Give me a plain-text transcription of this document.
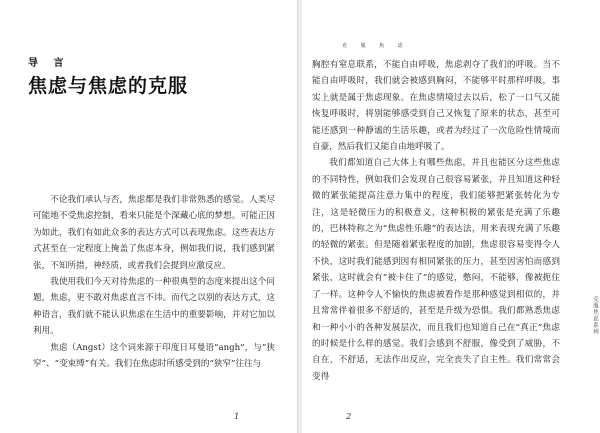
导 言
焦虑与焦虑的克服

不论我们承认与否，焦虑都是我们非常熟悉的感觉。人类尽可能地不受焦虑控制，看来只能是个深藏心底的梦想。可能正因为如此，我们有如此众多的表达方式可以表现焦虑。这些表达方式甚至在一定程度上掩盖了焦虑本身，例如我们说，我们感到紧张，不知所措，神经质，或者我们会提到应激反应。

我使用我们今天对待焦虑的一种很典型的态度来提出这个问题，焦虑，更不敢对焦虑直言不讳。而代之以别的表达方式，这种语言，我们就不能认识焦虑在生活中的重要影响，并对它加以利用。

焦虑（Angst）这个词来源于印度日耳曼语“angh”，与“狭窄”、“变束缚”有关。我们在焦虑时所感受到的“狭窄”往往与

1
克 服 焦 虑

胸腔有窒息联系，不能自由呼吸，焦虑剥夺了我们的呼吸。当不能自由呼吸时，我们就会被感到胸闷，不能够平时那样呼吸，事实上就是属于焦虑现象。在焦虑情境过去以后，松了一口气又能恢复呼吸时，将别能够感受到自己又恢复了原来的状态，甚至可能还感到一种静谧的生活乐趣，或者为经过了一次危险性情境而自豪，然后我们又能自由地呼吸了。

我们都知道自己大体上有哪些焦虑，并且也能区分这些焦虑的不同特性，例如我们会发现自己很容易紧张，并且知道这种轻微的紧张能提高注意力集中的程度，我们能够把紧张转化为专注，这是轻微压力的积极意义，这种积极的紧张是充满了乐趣的，巴林特称之为“焦虑性乐趣”的表达法，用来表现充满了乐趣的轻微的紧张。但是随着紧张程度的加剧，焦虑很容易变得令人不快，这时我们能感到因有相同紧张的压力，甚至因害怕而感到紧张，这时就会有“被卡住了”的感觉，憋闷，不能够，像被扼住了一样。这种令人不愉快的焦虑被看作是那种感觉到相似的，并且常常伴着很多不舒适的，甚至是升级为恐惧。我们都熟悉焦虑和一种小小的各种发展层次，而且我们也知道自己在“真正”焦虑的时候是什么样的感觉。我们会感到不舒服，像受到了威胁，不自在，不舒适，无法作出反应，完全丧失了自主性。我们常常会变得

2
克服焦虑系列
